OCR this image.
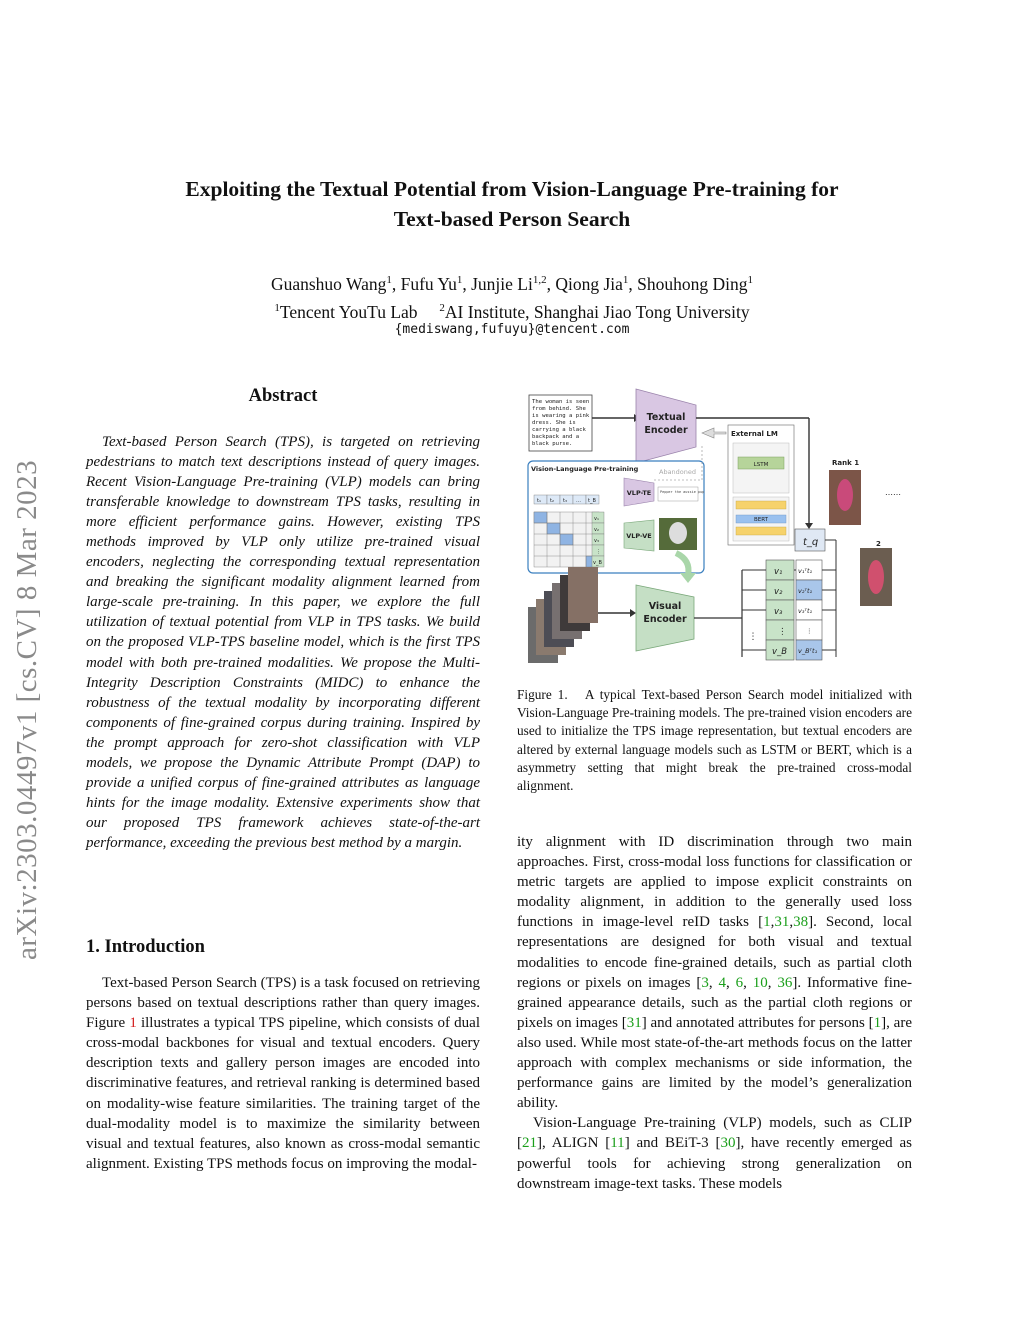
Exploiting the Textual Potential from Vision-Language Pre-training for
Text-based Person Search
Guanshuo Wang$^1$, Fufu Yu$^1$, Junjie Li$^{1,2}$, Qiong Jia$^1$, Shouhong Ding$^1$
$^1$Tencent YouTu Lab $^2$AI Institute, Shanghai Jiao Tong University
{mediswang,fufuyu}@tencent.com
arXiv:2303.04497v1 [cs.CV] 8 Mar 2023
Abstract
Text-based Person Search (TPS), is targeted on retrieving pedestrians to match text descriptions instead of query images. Recent Vision-Language Pre-training (VLP) models can bring transferable knowledge to downstream TPS tasks, resulting in more efficient performance gains. However, existing TPS methods improved by VLP only utilize pre-trained visual encoders, neglecting the corresponding textual representation and breaking the significant modality alignment learned from large-scale pre-training. In this paper, we explore the full utilization of textual potential from VLP in TPS tasks. We build on the proposed VLP-TPS baseline model, which is the first TPS model with both pre-trained modalities. We propose the Multi-Integrity Description Constraints (MIDC) to enhance the robustness of the textual modality by incorporating different components of fine-grained corpus during training. Inspired by the prompt approach for zero-shot classification with VLP models, we propose the Dynamic Attribute Prompt (DAP) to provide a unified corpus of fine-grained attributes as language hints for the image modality. Extensive experiments show that our proposed TPS framework achieves state-of-the-art performance, exceeding the previous best method by a margin.
1. Introduction
Text-based Person Search (TPS) is a task focused on retrieving persons based on textual descriptions rather than query images. Figure 1 illustrates a typical TPS pipeline, which consists of dual cross-modal backbones for visual and textual encoders. Query description texts and gallery person images are encoded into discriminative features, and retrieval ranking is determined based on modality-wise feature similarities. The training target of the dual-modality model is to maximize the similarity between visual and textual features, also known as cross-modal semantic alignment. Existing TPS methods focus on improving the modal-
The woman is seen
from behind. She
is wearing a pink
dress. She is
carrying a black
backpack and a
black purse.
Textual
Encoder	External LM
LSTM
BERT
Vision-Language Pre-training	Abandoned
VLP-TE	Pepper the aussie pup
VLP-VE
t₁ t₂ t₃ … t_B
v₁
v₂
v₃
⋮
v_B
Visual
Encoder
v₁
v₂
v₃
⋮
v_B
⋮
t_q
v₁ᵀt₁
v₂ᵀt₁
v₃ᵀt₁
⋮
v_Bᵀt₁
Rank 1
2
……
Figure 1. A typical Text-based Person Search model initialized with Vision-Language Pre-training models. The pre-trained vision encoders are used to initialize the TPS image representation, but textual encoders are altered by external language models such as LSTM or BERT, which is a asymmetry setting that might break the pre-trained cross-modal alignment.

ity alignment with ID discrimination through two main approaches. First, cross-modal loss functions for classification or metric targets are applied to impose explicit constraints on modality alignment, in addition to the generally used loss functions in image-level reID tasks [1,31,38]. Second, local representations are designed for both visual and textual modalities to encode fine-grained details, such as partial cloth regions or pixels on images [3, 4, 6, 10, 36]. Informative fine-grained appearance details, such as the partial cloth regions or pixels on images [31] and annotated attributes for persons [1], are also used. While most state-of-the-art methods focus on the latter approach with complex mechanisms or side information, the performance gains are limited by the model’s generalization ability.

Vision-Language Pre-training (VLP) models, such as CLIP [21], ALIGN [11] and BEiT-3 [30], have recently emerged as powerful tools for achieving strong generalization on downstream image-text tasks. These models
